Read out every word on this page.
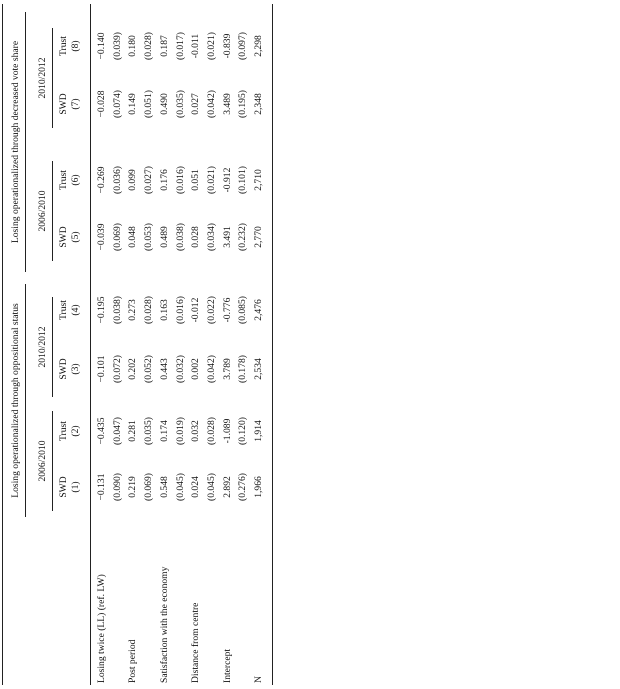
Losing operationalized through oppositional status
Losing operationalized through decreased vote share
2006/2010
2010/2012
2006/2010
2010/2012
SWD (1)
Trust (2)
SWD (3)
Trust (4)
SWD (5)
Trust (6)
SWD (7)
Trust (8)
Losing twice (LL) (ref. LW)
−0.131
−0.435
−0.101
−0.195
−0.039
−0.269
−0.028
−0.140
(0.090)
(0.047)
(0.072)
(0.038)
(0.069)
(0.036)
(0.074)
(0.039)
Post period
0.219
0.281
0.202
0.273
0.048
0.099
0.149
0.180
(0.069)
(0.035)
(0.052)
(0.028)
(0.053)
(0.027)
(0.051)
(0.028)
Satisfaction with the economy
0.548
0.174
0.443
0.163
0.489
0.176
0.490
0.187
(0.045)
(0.019)
(0.032)
(0.016)
(0.038)
(0.016)
(0.035)
(0.017)
Distance from centre
0.024
0.032
0.002
-0.012
0.028
0.051
0.027
-0.011
(0.045)
(0.028)
(0.042)
(0.022)
(0.034)
(0.021)
(0.042)
(0.021)
Intercept
2.892
-1.089
3.789
-0.776
3.491
-0.912
3.489
-0.839
(0.276)
(0.120)
(0.178)
(0.085)
(0.232)
(0.101)
(0.195)
(0.097)
N
1,966
1,914
2,534
2,476
2,770
2,710
2,348
2,298
